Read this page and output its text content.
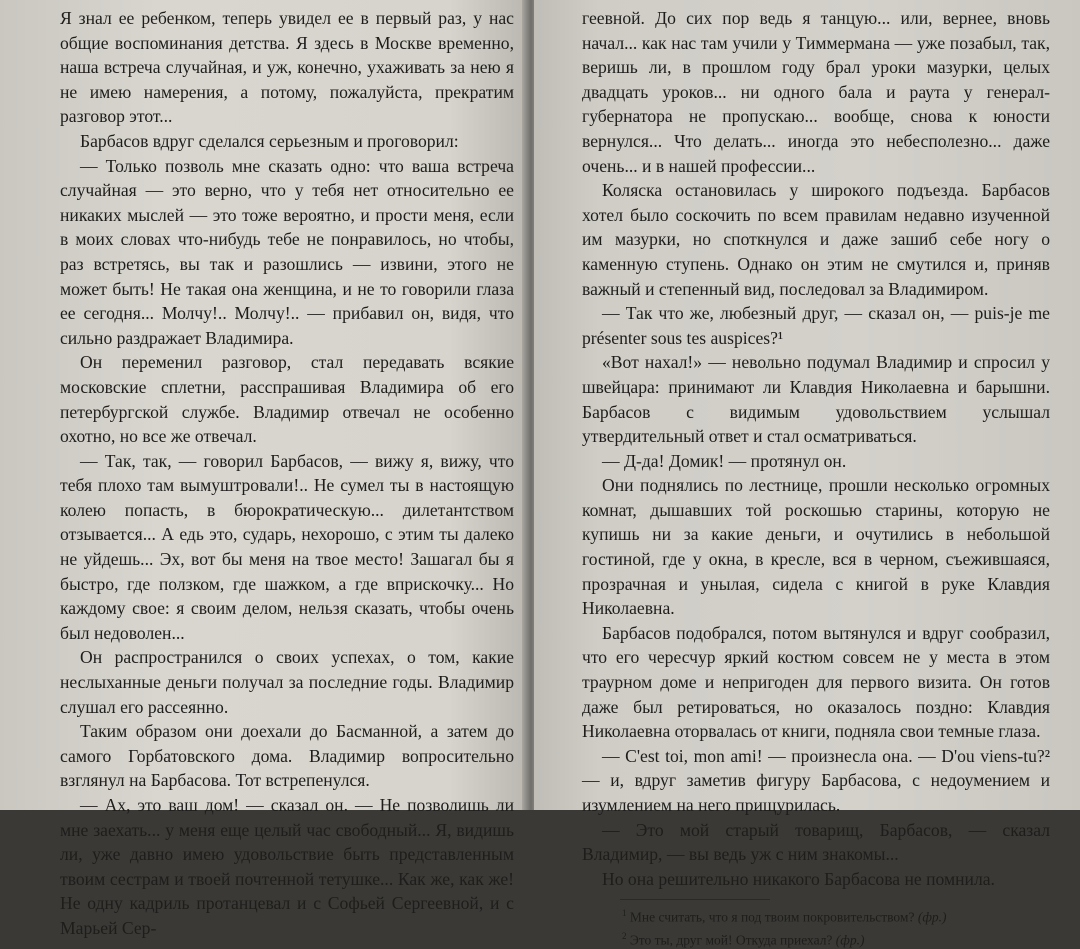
Я знал ее ребенком, теперь увидел ее в первый раз, у нас общие воспоминания детства. Я здесь в Москве временно, наша встреча случайная, и уж, конечно, ухаживать за нею я не имею намерения, а потому, пожалуйста, прекратим разговор этот...

Барбасов вдруг сделался серьезным и проговорил:

— Только позволь мне сказать одно: что ваша встреча случайная — это верно, что у тебя нет относительно ее никаких мыслей — это тоже вероятно, и прости меня, если в моих словах что-нибудь тебе не понравилось, но чтобы, раз встретясь, вы так и разошлись — извини, этого не может быть! Не такая она женщина, и не то говорили глаза ее сегодня... Молчу!.. Молчу!.. — прибавил он, видя, что сильно раздражает Владимира.

Он переменил разговор, стал передавать всякие московские сплетни, расспрашивая Владимира об его петербургской службе. Владимир отвечал не особенно охотно, но все же отвечал.

— Так, так, — говорил Барбасов, — вижу я, вижу, что тебя плохо там вымуштровали!.. Не сумел ты в настоящую колею попасть, в бюрократическую... дилетантством отзывается... А едь это, сударь, нехорошо, с этим ты далеко не уйдешь... Эх, вот бы меня на твое место! Зашагал бы я быстро, где ползком, где шажком, а где вприскочку... Но каждому свое: я своим делом, нельзя сказать, чтобы очень был недоволен...

Он распространился о своих успехах, о том, какие неслыханные деньги получал за последние годы. Владимир слушал его рассеянно.

Таким образом они доехали до Басманной, а затем до самого Горбатовского дома. Владимир вопросительно взглянул на Барбасова. Тот встрепенулся.

— Ах, это ваш дом! — сказал он. — Не позволишь ли мне заехать... у меня еще целый час свободный... Я, видишь ли, уже давно имею удовольствие быть представленным твоим сестрам и твоей почтенной тетушке... Как же, как же! Не одну кадриль протанцевал и с Софьей Сергеевной, и с Марьей Сер-

геевной. До сих пор ведь я танцую... или, вернее, вновь начал... как нас там учили у Тиммермана — уже позабыл, так, веришь ли, в прошлом году брал уроки мазурки, целых двадцать уроков... ни одного бала и раута у генерал-губернатора не пропускаю... вообще, снова к юности вернулся... Что делать... иногда это небесполезно... даже очень... и в нашей профессии...

Коляска остановилась у широкого подъезда. Барбасов хотел было соскочить по всем правилам недавно изученной им мазурки, но споткнулся и даже зашиб себе ногу о каменную ступень. Однако он этим не смутился и, приняв важный и степенный вид, последовал за Владимиром.

— Так что же, любезный друг, — сказал он, — puis-je me présenter sous tes auspices?¹

«Вот нахал!» — невольно подумал Владимир и спросил у швейцара: принимают ли Клавдия Николаевна и барышни. Барбасов с видимым удовольствием услышал утвердительный ответ и стал осматриваться.

— Д-да! Домик! — протянул он.

Они поднялись по лестнице, прошли несколько огромных комнат, дышавших той роскошью старины, которую не купишь ни за какие деньги, и очутились в небольшой гостиной, где у окна, в кресле, вся в черном, съежившаяся, прозрачная и унылая, сидела с книгой в руке Клавдия Николаевна.

Барбасов подобрался, потом вытянулся и вдруг сообразил, что его чересчур яркий костюм совсем не у места в этом траурном доме и непригоден для первого визита. Он готов даже был ретироваться, но оказалось поздно: Клавдия Николаевна оторвалась от книги, подняла свои темные глаза.

— C'est toi, mon ami! — произнесла она. — D'ou viens-tu?² — и, вдруг заметив фигуру Барбасова, с недоумением и изумлением на него прищурилась.

— Это мой старый товарищ, Барбасов, — сказал Владимир, — вы ведь уж с ним знакомы...

Но она решительно никакого Барбасова не помнила.

$^1$ Мне считать, что я под твоим покровительством? (фр.)

$^2$ Это ты, друг мой! Откуда приехал? (фр.)
